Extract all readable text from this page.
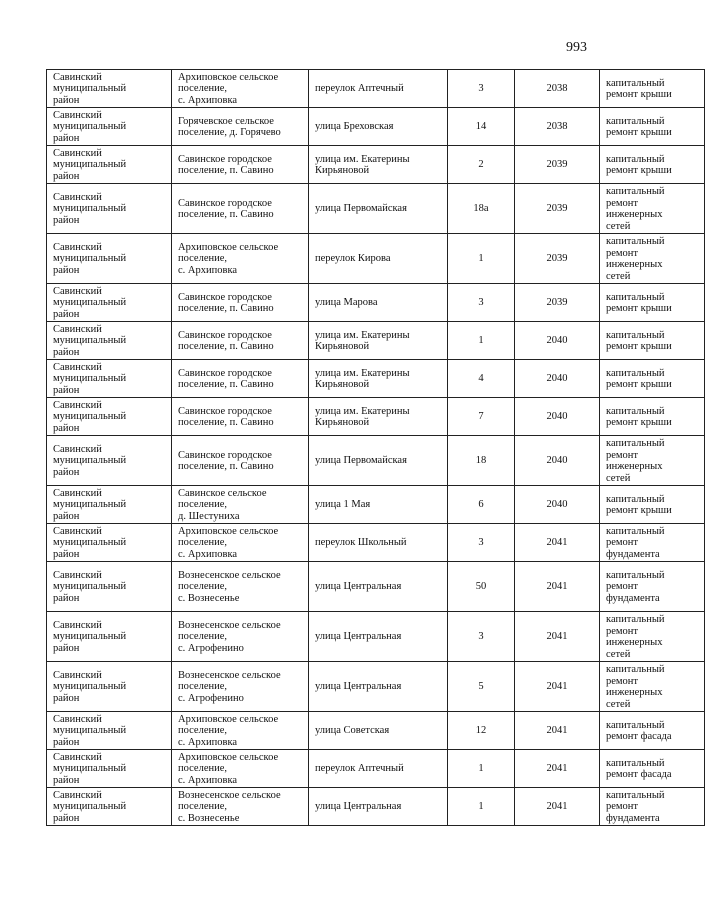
993
Савинский
муниципальный
район	Архиповское сельское
поселение,
с. Архиповка	переулок Аптечный	3	2038	капитальный
ремонт крыши

Савинский
муниципальный
район	Горячевское сельское
поселение, д. Горячево	улица Бреховская	14	2038	капитальный
ремонт крыши

Савинский
муниципальный
район	Савинское городское
поселение, п. Савино	улица им. Екатерины
Кирьяновой	2	2039	капитальный
ремонт крыши

Савинский
муниципальный
район	Савинское городское
поселение, п. Савино	улица Первомайская	18а	2039	капитальный
ремонт
инженерных
сетей

Савинский
муниципальный
район	Архиповское сельское
поселение,
с. Архиповка	переулок Кирова	1	2039	капитальный
ремонт
инженерных
сетей

Савинский
муниципальный
район	Савинское городское
поселение, п. Савино	улица Марова	3	2039	капитальный
ремонт крыши

Савинский
муниципальный
район	Савинское городское
поселение, п. Савино	улица им. Екатерины
Кирьяновой	1	2040	капитальный
ремонт крыши

Савинский
муниципальный
район	Савинское городское
поселение, п. Савино	улица им. Екатерины
Кирьяновой	4	2040	капитальный
ремонт крыши

Савинский
муниципальный
район	Савинское городское
поселение, п. Савино	улица им. Екатерины
Кирьяновой	7	2040	капитальный
ремонт крыши

Савинский
муниципальный
район	Савинское городское
поселение, п. Савино	улица Первомайская	18	2040	капитальный
ремонт
инженерных
сетей

Савинский
муниципальный
район	Савинское сельское
поселение,
д. Шестуниха	улица 1 Мая	6	2040	капитальный
ремонт крыши

Савинский
муниципальный
район	Архиповское сельское
поселение,
с. Архиповка	переулок Школьный	3	2041	капитальный
ремонт
фундамента

Савинский
муниципальный
район	Вознесенское сельское
поселение,
с. Вознесенье	улица Центральная	50	2041	капитальный
ремонт
фундамента

Савинский
муниципальный
район	Вознесенское сельское
поселение,
с. Агрофенино	улица Центральная	3	2041	капитальный
ремонт
инженерных
сетей

Савинский
муниципальный
район	Вознесенское сельское
поселение,
с. Агрофенино	улица Центральная	5	2041	капитальный
ремонт
инженерных
сетей

Савинский
муниципальный
район	Архиповское сельское
поселение,
с. Архиповка	улица Советская	12	2041	капитальный
ремонт фасада

Савинский
муниципальный
район	Архиповское сельское
поселение,
с. Архиповка	переулок Аптечный	1	2041	капитальный
ремонт фасада

Савинский
муниципальный
район	Вознесенское сельское
поселение,
с. Вознесенье	улица Центральная	1	2041	капитальный
ремонт
фундамента
